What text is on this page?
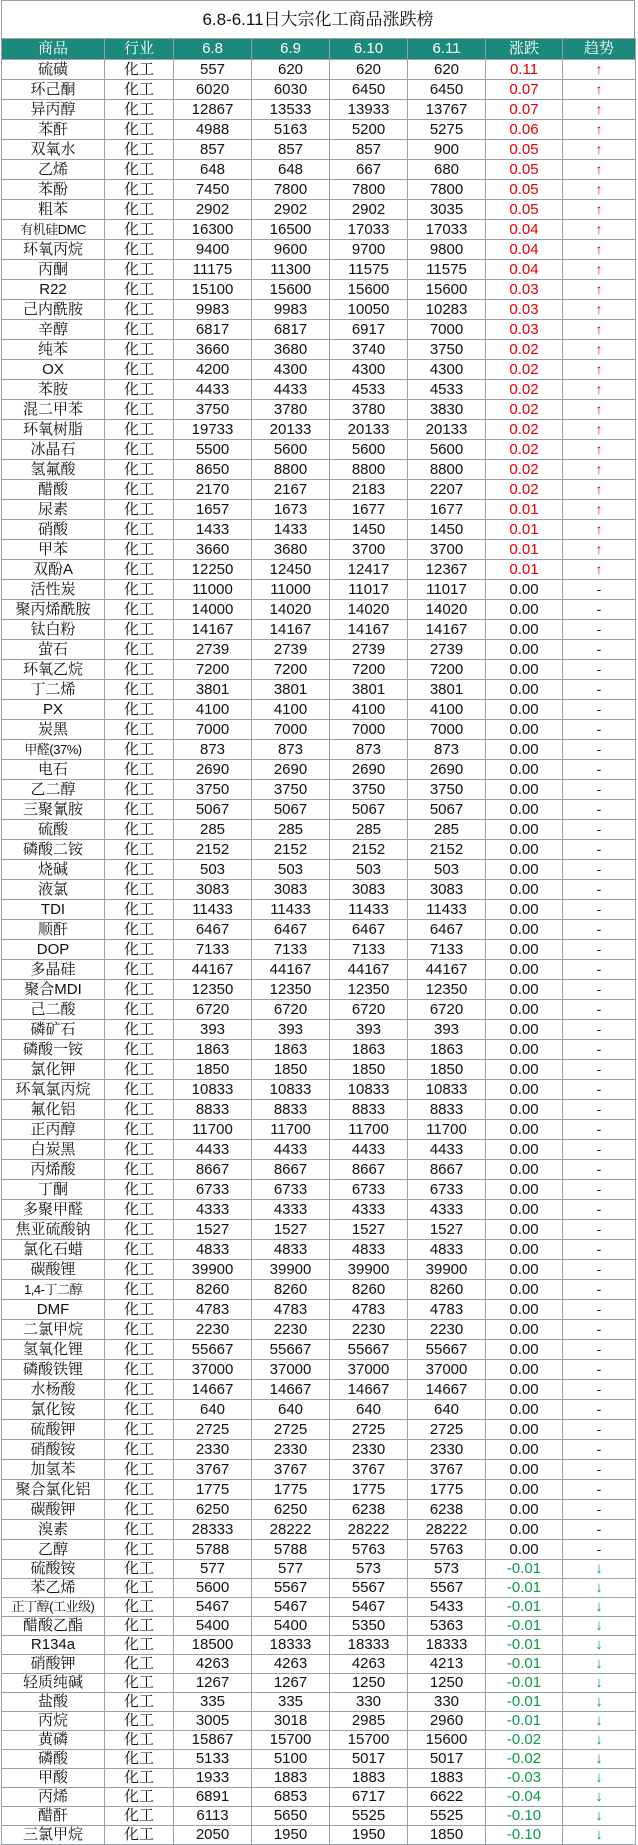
6.8-6.11日大宗化工商品涨跌榜
商品	行业	6.8	6.9	6.10	6.11	涨跌	趋势
硫磺	化工	557	620	620	620	0.11	↑
环己酮	化工	6020	6030	6450	6450	0.07	↑
异丙醇	化工	12867	13533	13933	13767	0.07	↑
苯酐	化工	4988	5163	5200	5275	0.06	↑
双氧水	化工	857	857	857	900	0.05	↑
乙烯	化工	648	648	667	680	0.05	↑
苯酚	化工	7450	7800	7800	7800	0.05	↑
粗苯	化工	2902	2902	2902	3035	0.05	↑
有机硅DMC	化工	16300	16500	17033	17033	0.04	↑
环氧丙烷	化工	9400	9600	9700	9800	0.04	↑
丙酮	化工	11175	11300	11575	11575	0.04	↑
R22	化工	15100	15600	15600	15600	0.03	↑
己内酰胺	化工	9983	9983	10050	10283	0.03	↑
辛醇	化工	6817	6817	6917	7000	0.03	↑
纯苯	化工	3660	3680	3740	3750	0.02	↑
OX	化工	4200	4300	4300	4300	0.02	↑
苯胺	化工	4433	4433	4533	4533	0.02	↑
混二甲苯	化工	3750	3780	3780	3830	0.02	↑
环氧树脂	化工	19733	20133	20133	20133	0.02	↑
冰晶石	化工	5500	5600	5600	5600	0.02	↑
氢氟酸	化工	8650	8800	8800	8800	0.02	↑
醋酸	化工	2170	2167	2183	2207	0.02	↑
尿素	化工	1657	1673	1677	1677	0.01	↑
硝酸	化工	1433	1433	1450	1450	0.01	↑
甲苯	化工	3660	3680	3700	3700	0.01	↑
双酚A	化工	12250	12450	12417	12367	0.01	↑
活性炭	化工	11000	11000	11017	11017	0.00	-
聚丙烯酰胺	化工	14000	14020	14020	14020	0.00	-
钛白粉	化工	14167	14167	14167	14167	0.00	-
萤石	化工	2739	2739	2739	2739	0.00	-
环氧乙烷	化工	7200	7200	7200	7200	0.00	-
丁二烯	化工	3801	3801	3801	3801	0.00	-
PX	化工	4100	4100	4100	4100	0.00	-
炭黑	化工	7000	7000	7000	7000	0.00	-
甲醛(37%)	化工	873	873	873	873	0.00	-
电石	化工	2690	2690	2690	2690	0.00	-
乙二醇	化工	3750	3750	3750	3750	0.00	-
三聚氰胺	化工	5067	5067	5067	5067	0.00	-
硫酸	化工	285	285	285	285	0.00	-
磷酸二铵	化工	2152	2152	2152	2152	0.00	-
烧碱	化工	503	503	503	503	0.00	-
液氯	化工	3083	3083	3083	3083	0.00	-
TDI	化工	11433	11433	11433	11433	0.00	-
顺酐	化工	6467	6467	6467	6467	0.00	-
DOP	化工	7133	7133	7133	7133	0.00	-
多晶硅	化工	44167	44167	44167	44167	0.00	-
聚合MDI	化工	12350	12350	12350	12350	0.00	-
己二酸	化工	6720	6720	6720	6720	0.00	-
磷矿石	化工	393	393	393	393	0.00	-
磷酸一铵	化工	1863	1863	1863	1863	0.00	-
氯化钾	化工	1850	1850	1850	1850	0.00	-
环氧氯丙烷	化工	10833	10833	10833	10833	0.00	-
氟化铝	化工	8833	8833	8833	8833	0.00	-
正丙醇	化工	11700	11700	11700	11700	0.00	-
白炭黑	化工	4433	4433	4433	4433	0.00	-
丙烯酸	化工	8667	8667	8667	8667	0.00	-
丁酮	化工	6733	6733	6733	6733	0.00	-
多聚甲醛	化工	4333	4333	4333	4333	0.00	-
焦亚硫酸钠	化工	1527	1527	1527	1527	0.00	-
氯化石蜡	化工	4833	4833	4833	4833	0.00	-
碳酸锂	化工	39900	39900	39900	39900	0.00	-
1,4-丁二醇	化工	8260	8260	8260	8260	0.00	-
DMF	化工	4783	4783	4783	4783	0.00	-
二氯甲烷	化工	2230	2230	2230	2230	0.00	-
氢氧化锂	化工	55667	55667	55667	55667	0.00	-
磷酸铁锂	化工	37000	37000	37000	37000	0.00	-
水杨酸	化工	14667	14667	14667	14667	0.00	-
氯化铵	化工	640	640	640	640	0.00	-
硫酸钾	化工	2725	2725	2725	2725	0.00	-
硝酸铵	化工	2330	2330	2330	2330	0.00	-
加氢苯	化工	3767	3767	3767	3767	0.00	-
聚合氯化铝	化工	1775	1775	1775	1775	0.00	-
碳酸钾	化工	6250	6250	6238	6238	0.00	-
溴素	化工	28333	28222	28222	28222	0.00	-
乙醇	化工	5788	5788	5763	5763	0.00	-
硫酸铵	化工	577	577	573	573	-0.01	↓
苯乙烯	化工	5600	5567	5567	5567	-0.01	↓
正丁醇(工业级)	化工	5467	5467	5467	5433	-0.01	↓
醋酸乙酯	化工	5400	5400	5350	5363	-0.01	↓
R134a	化工	18500	18333	18333	18333	-0.01	↓
硝酸钾	化工	4263	4263	4263	4213	-0.01	↓
轻质纯碱	化工	1267	1267	1250	1250	-0.01	↓
盐酸	化工	335	335	330	330	-0.01	↓
丙烷	化工	3005	3018	2985	2960	-0.01	↓
黄磷	化工	15867	15700	15700	15600	-0.02	↓
磷酸	化工	5133	5100	5017	5017	-0.02	↓
甲酸	化工	1933	1883	1883	1883	-0.03	↓
丙烯	化工	6891	6853	6717	6622	-0.04	↓
醋酐	化工	6113	5650	5525	5525	-0.10	↓
三氯甲烷	化工	2050	1950	1950	1850	-0.10	↓
